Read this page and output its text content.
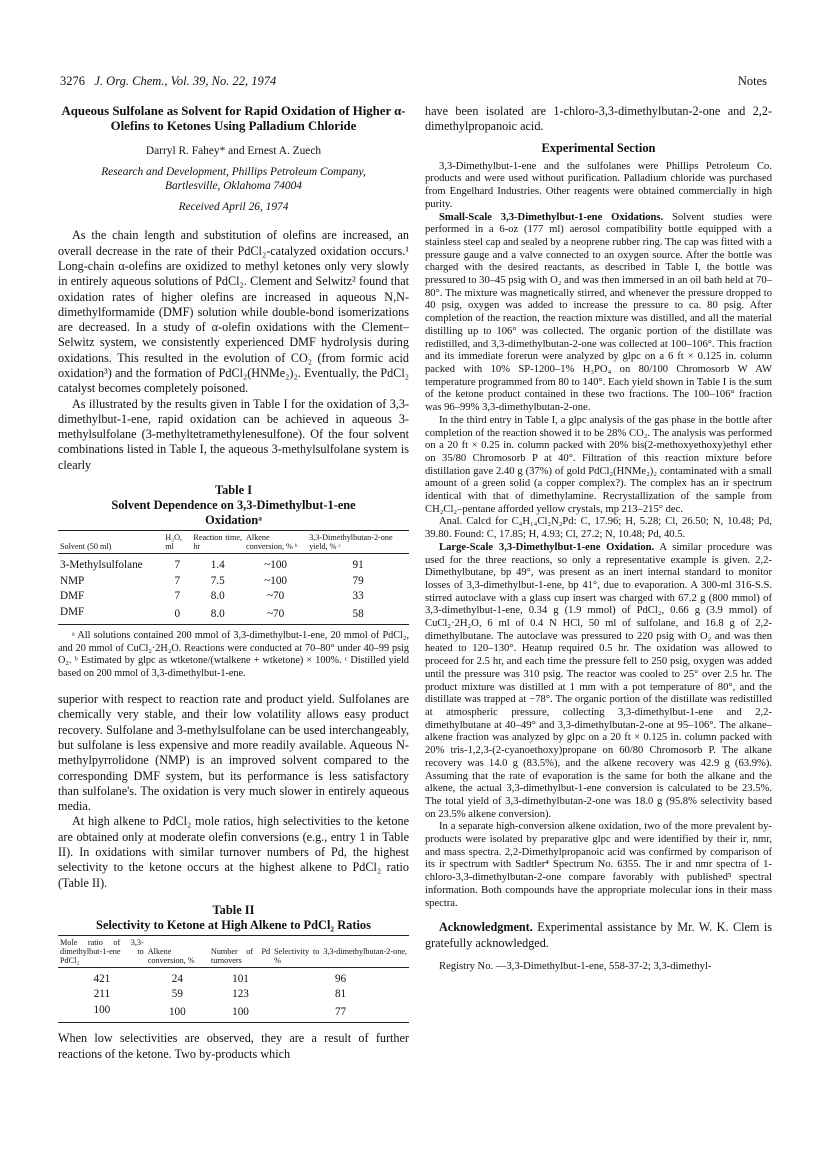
3276 J. Org. Chem., Vol. 39, No. 22, 1974	Notes
Aqueous Sulfolane as Solvent for Rapid Oxidation of Higher α-Olefins to Ketones Using Palladium Chloride
Darryl R. Fahey* and Ernest A. Zuech
Research and Development, Phillips Petroleum Company,
Bartlesville, Oklahoma 74004
Received April 26, 1974

As the chain length and substitution of olefins are increased, an overall decrease in the rate of their PdCl₂-catalyzed oxidation occurs.¹ Long-chain α-olefins are oxidized to methyl ketones only very slowly in entirely aqueous solutions of PdCl₂. Clement and Selwitz² found that oxidation rates of higher olefins are increased in aqueous N,N-dimethylformamide (DMF) solution while double-bond isomerizations are decreased. In a study of α-olefin oxidations with the Clement–Selwitz system, we consistently experienced DMF hydrolysis during oxidations. This resulted in the evolution of CO₂ (from formic acid oxidation³) and the formation of PdCl₂(HNMe₂)₂. Eventually, the PdCl₂ catalyst becomes completely poisoned.

As illustrated by the results given in Table I for the oxidation of 3,3-dimethylbut-1-ene, rapid oxidation can be achieved in aqueous 3-methylsulfolane (3-methyltetramethylenesulfone). Of the four solvent combinations listed in Table I, the aqueous 3-methylsulfolane system is clearly

Table I
Solvent Dependence on 3,3-Dimethylbut-1-ene Oxidationᵃ
Solvent (50 ml)	H₂O, ml	Reaction time, hr	Alkene conversion, % ᵇ	3,3-Dimethylbutan-2-one yield, % ᶜ
3-Methylsulfolane	7	1.4	~100	91
NMP	7	7.5	~100	79
DMF	7	8.0	~70	33
DMF	0	8.0	~70	58

ᵃ All solutions contained 200 mmol of 3,3-dimethylbut-1-ene, 20 mmol of PdCl₂, and 20 mmol of CuCl₂·2H₂O. Reactions were conducted at 70–80° under 40–99 psig O₂. ᵇ Estimated by glpc as wtketone/(wtalkene + wtketone) × 100%. ᶜ Distilled yield based on 200 mmol of 3,3-dimethylbut-1-ene.

superior with respect to reaction rate and product yield. Sulfolanes are chemically very stable, and their low volatility allows easy product recovery. Sulfolane and 3-methylsulfolane can be used interchangeably, but sulfolane is less expensive and more readily available. Aqueous N-methylpyrrolidone (NMP) is an improved solvent compared to the corresponding DMF system, but its performance is less satisfactory than sulfolane's. The oxidation is very much slower in entirely aqueous media.

At high alkene to PdCl₂ mole ratios, high selectivities to the ketone are obtained only at moderate olefin conversions (e.g., entry 1 in Table II). In oxidations with similar turnover numbers of Pd, the highest selectivity to the ketone occurs at the highest alkene to PdCl₂ ratio (Table II).

Table II
Selectivity to Ketone at High Alkene to PdCl₂ Ratios
Mole ratio of 3,3-dimethylbut-1-ene to PdCl₂	Alkene conversion, %	Number of Pd turnovers	Selectivity to 3,3-dimethylbutan-2-one, %
421	24	101	96
211	59	123	81
100	100	100	77

When low selectivities are observed, they are a result of further reactions of the ketone. Two by-products which

have been isolated are 1-chloro-3,3-dimethylbutan-2-one and 2,2-dimethylpropanoic acid.

Experimental Section

3,3-Dimethylbut-1-ene and the sulfolanes were Phillips Petroleum Co. products and were used without purification. Palladium chloride was purchased from Engelhard Industries. Other reagents were obtained commercially in high purity.

Small-Scale 3,3-Dimethylbut-1-ene Oxidations. Solvent studies were performed in a 6-oz (177 ml) aerosol compatibility bottle equipped with a stainless steel cap and sealed by a neoprene rubber ring. The cap was fitted with a pressure gauge and a valve connected to an oxygen source. After the bottle was charged with the desired reactants, as described in Table I, the bottle was pressured to 30–45 psig with O₂ and was then immersed in an oil bath held at 70–80°. The mixture was magnetically stirred, and whenever the pressure dropped to 40 psig, oxygen was added to increase the pressure to ca. 80 psig. After completion of the reaction, the reaction mixture was distilled, and all the material distilling up to 106° was collected. The organic portion of the distillate was redistilled, and 3,3-dimethylbutan-2-one was collected at 100–106°. This fraction and its immediate forerun were analyzed by glpc on a 6 ft × 0.125 in. column packed with 10% SP-1200–1% H₃PO₄ on 80/100 Chromosorb W AW temperature programmed from 80 to 140°. Each yield shown in Table I is the sum of the ketone product contained in these two fractions. The 100–106° fraction was 96–99% 3,3-dimethylbutan-2-one.

In the third entry in Table I, a glpc analysis of the gas phase in the bottle after completion of the reaction showed it to be 28% CO₂. The analysis was performed on a 20 ft × 0.25 in. column packed with 20% bis(2-methoxyethoxy)ethyl ether on 35/80 Chromosorb P at 40°. Filtration of this reaction mixture before distillation gave 2.40 g (37%) of gold PdCl₂(HNMe₂)₂ contaminated with a small amount of a green solid (a copper complex?). The complex has an ir spectrum identical with that of dimethylamine. Recrystallization of the sample from CH₂Cl₂–pentane afforded yellow crystals, mp 213–215° dec.

Anal. Calcd for C₄H₁₄Cl₂N₂Pd: C, 17.96; H, 5.28; Cl, 26.50; N, 10.48; Pd, 39.80. Found: C, 17.85; H, 4.93; Cl, 27.2; N, 10.48; Pd, 40.5.

Large-Scale 3,3-Dimethylbut-1-ene Oxidation. A similar procedure was used for the three reactions, so only a representative example is given. 2,2-Dimethylbutane, bp 49°, was present as an inert internal standard to monitor losses of 3,3-dimethylbut-1-ene, bp 41°, due to evaporation. A 300-ml 316-S.S. stirred autoclave with a glass cup insert was charged with 67.2 g (800 mmol) of 3,3-dimethylbut-1-ene, 0.34 g (1.9 mmol) of PdCl₂, 0.66 g (3.9 mmol) of CuCl₂·2H₂O, 6 ml of 0.4 N HCl, 50 ml of sulfolane, and 16.8 g of 2,2-dimethylbutane. The autoclave was pressured to 220 psig with O₂ and was then heated to 120–130°. Heatup required 0.5 hr. The oxidation was allowed to proceed for 2.5 hr, and each time the pressure fell to 250 psig, oxygen was added until the pressure was 310 psig. The reactor was cooled to 25° over 2.5 hr. The product mixture was distilled at 1 mm with a pot temperature of 80°, and the distillate was trapped at −78°. The organic portion of the distillate was redistilled at atmospheric pressure, collecting 3,3-dimethylbut-1-ene and 2,2-dimethylbutane at 40–49° and 3,3-dimethylbutan-2-one at 95–106°. The alkane–alkene fraction was analyzed by glpc on a 20 ft × 0.125 in. column packed with 20% tris-1,2,3-(2-cyanoethoxy)propane on 60/80 Chromosorb P. The alkane recovery was 14.0 g (83.5%), and the alkene recovery was 42.9 g (63.9%). Assuming that the rate of evaporation is the same for both the alkane and the alkene, the actual 3,3-dimethylbut-1-ene conversion is calculated to be 23.5%. The total yield of 3,3-dimethylbutan-2-one was 18.0 g (95.8% selectivity based on 23.5% alkene conversion).

In a separate high-conversion alkene oxidation, two of the more prevalent by-products were isolated by preparative glpc and were identified by their ir, nmr, and mass spectra. 2,2-Dimethylpropanoic acid was confirmed by comparison of its ir spectrum with Sadtler⁴ Spectrum No. 6355. The ir and nmr spectra of 1-chloro-3,3-dimethylbutan-2-one compare favorably with published⁵ spectral information. Both compounds have the appropriate molecular ions in their mass spectra.

Acknowledgment. Experimental assistance by Mr. W. K. Clem is gratefully acknowledged.

Registry No. —3,3-Dimethylbut-1-ene, 558-37-2; 3,3-dimethyl-
